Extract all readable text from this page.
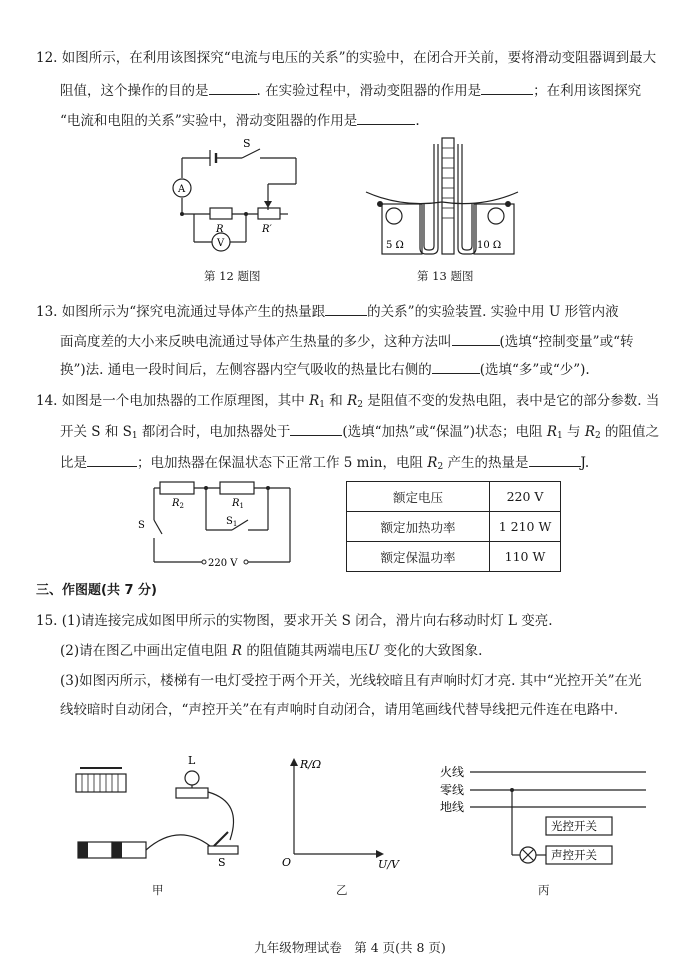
12. 如图所示，在利用该图探究“电流与电压的关系”的实验中，在闭合开关前，要将滑动变阻器调到最大
阻值，这个操作的目的是	. 在实验过程中，滑动变阻器的作用是	；在利用该图探究
“电流和电阻的关系”实验中，滑动变阻器的作用是	.
A
V
S
R	R′
第 12 题图
5 Ω	10 Ω
第 13 题图
13. 如图所示为“探究电流通过导体产生的热量跟	的关系”的实验装置. 实验中用 U 形管内液
面高度差的大小来反映电流通过导体产生热量的多少，这种方法叫	(选填“控制变量”或“转
换”)法. 通电一段时间后，左侧容器内空气吸收的热量比右侧的	(选填“多”或“少”).
14. 如图是一个电加热器的工作原理图，其中 $R_1$ 和 $R_2$ 是阻值不变的发热电阻，表中是它的部分参数. 当
开关 S 和 $S_1$ 都闭合时，电加热器处于	(选填“加热”或“保温”)状态；电阻 $R_1$ 与 $R_2$ 的阻值之
比是	；电加热器在保温状态下正常工作 5 min，电阻 $R_2$ 产生的热量是	J.
$R_2$	$R_1$
S	$S_1$
220 V
额定电压	220 V
额定加热功率	1 210 W
额定保温功率	110 W
三、作图题(共 7 分)
15. (1)请连接完成如图甲所示的实物图，要求开关 S 闭合，滑片向右移动时灯 L 变亮.
(2)请在图乙中画出定值电阻 R 的阻值随其两端电压U 变化的大致图象.
(3)如图丙所示，楼梯有一电灯受控于两个开关，光线较暗且有声响时灯才亮. 其中“光控开关”在光
线较暗时自动闭合，“声控开关”在有声响时自动闭合，请用笔画线代替导线把元件连在电路中.
L
S
甲
R/Ω
U/V
O
乙
火线
零线
地线
光控开关
声控开关
丙
九年级物理试卷　第 4 页(共 8 页)
